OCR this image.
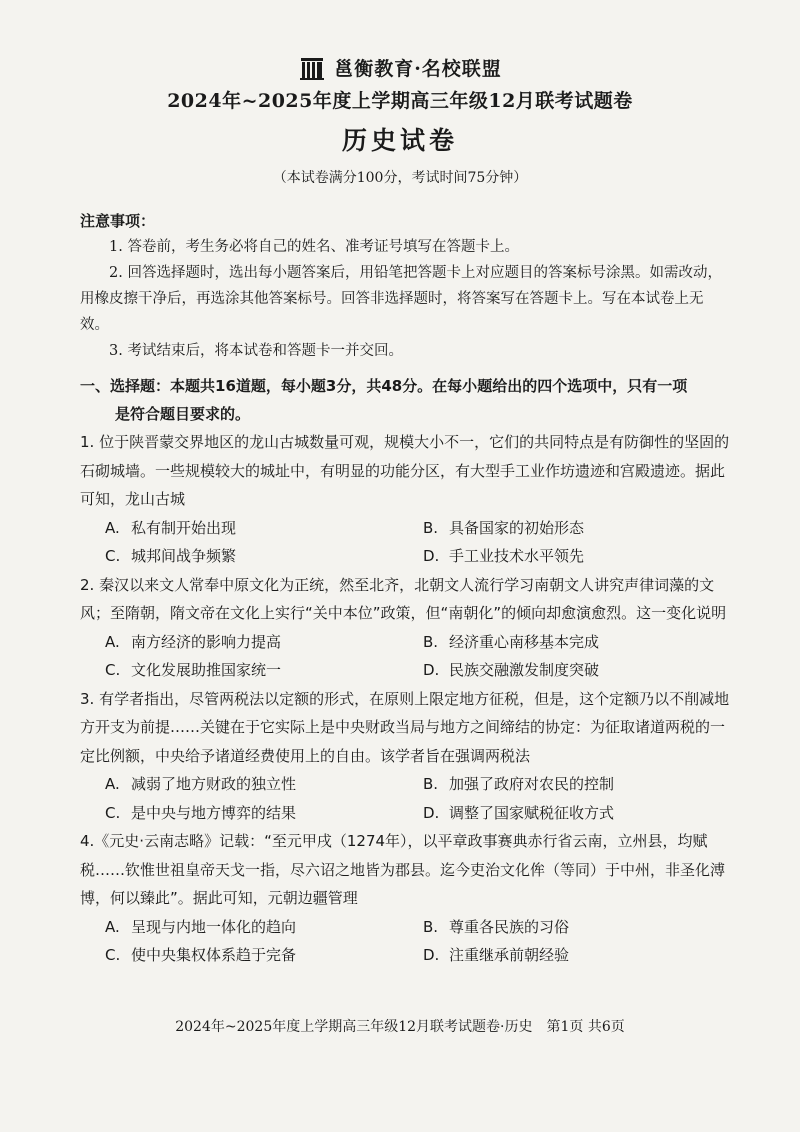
邕衡教育·名校联盟
2024年~2025年度上学期高三年级12月联考试题卷
历史试卷
（本试卷满分100分，考试时间75分钟）
注意事项：

1. 答卷前，考生务必将自己的姓名、准考证号填写在答题卡上。

2. 回答选择题时，选出每小题答案后，用铅笔把答题卡上对应题目的答案标号涂黑。如需改动，用橡皮擦干净后，再选涂其他答案标号。回答非选择题时，将答案写在答题卡上。写在本试卷上无效。

3. 考试结束后，将本试卷和答题卡一并交回。

一、选择题：本题共16道题，每小题3分，共48分。在每小题给出的四个选项中，只有一项
是符合题目要求的。

1. 位于陕晋蒙交界地区的龙山古城数量可观，规模大小不一，它们的共同特点是有防御性的坚固的石砌城墙。一些规模较大的城址中，有明显的功能分区，有大型手工业作坊遗迹和宫殿遗迹。据此可知，龙山古城

A. 私有制开始出现	B. 具备国家的初始形态
C. 城邦间战争频繁	D. 手工业技术水平领先

2. 秦汉以来文人常奉中原文化为正统，然至北齐，北朝文人流行学习南朝文人讲究声律词藻的文风；至隋朝，隋文帝在文化上实行“关中本位”政策，但“南朝化”的倾向却愈演愈烈。这一变化说明

A. 南方经济的影响力提高	B. 经济重心南移基本完成
C. 文化发展助推国家统一	D. 民族交融激发制度突破

3. 有学者指出，尽管两税法以定额的形式，在原则上限定地方征税，但是，这个定额乃以不削减地方开支为前提……关键在于它实际上是中央财政当局与地方之间缔结的协定：为征取诸道两税的一定比例额，中央给予诸道经费使用上的自由。该学者旨在强调两税法

A. 减弱了地方财政的独立性	B. 加强了政府对农民的控制
C. 是中央与地方博弈的结果	D. 调整了国家赋税征收方式

4.《元史·云南志略》记载：“至元甲戌（1274年），以平章政事赛典赤行省云南，立州县，均赋税……钦惟世祖皇帝天戈一指，尽六诏之地皆为郡县。迄今吏治文化侔（等同）于中州，非圣化溥博，何以臻此”。据此可知，元朝边疆管理

A. 呈现与内地一体化的趋向	B. 尊重各民族的习俗
C. 使中央集权体系趋于完备	D. 注重继承前朝经验
2024年~2025年度上学期高三年级12月联考试题卷·历史　第1页 共6页
